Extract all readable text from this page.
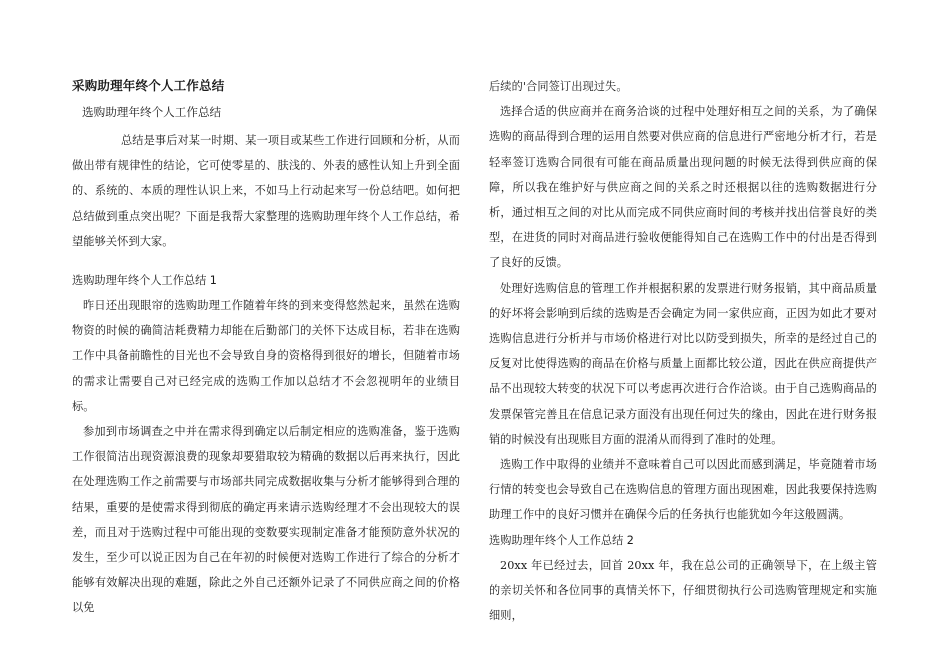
采购助理年终个人工作总结
选购助理年终个人工作总结

总结是事后对某一时期、某一项目或某些工作进行回顾和分析，从而做出带有规律性的结论，它可使零星的、肤浅的、外表的感性认知上升到全面的、系统的、本质的理性认识上来，不如马上行动起来写一份总结吧。如何把总结做到重点突出呢？下面是我帮大家整理的选购助理年终个人工作总结，希望能够关怀到大家。

选购助理年终个人工作总结 1

昨日还出现眼帘的选购助理工作随着年终的到来变得悠然起来，虽然在选购物资的时候的确简洁耗费精力却能在后勤部门的关怀下达成目标，若非在选购工作中具备前瞻性的目光也不会导致自身的资格得到很好的增长，但随着市场的需求让需要自己对已经完成的选购工作加以总结才不会忽视明年的业绩目标。

参加到市场调查之中并在需求得到确定以后制定相应的选购准备，鉴于选购工作很简洁出现资源浪费的现象却要猎取较为精确的数据以后再来执行，因此在处理选购工作之前需要与市场部共同完成数据收集与分析才能够得到合理的结果，重要的是使需求得到彻底的确定再来请示选购经理才不会出现较大的误差，而且对于选购过程中可能出现的变数要实现制定准备才能预防意外状况的发生，至少可以说正因为自己在年初的时候便对选购工作进行了综合的分析才能够有效解决出现的难题，除此之外自己还额外记录了不同供应商之间的价格以免

后续的'合同签订出现过失。

选择合适的供应商并在商务洽谈的过程中处理好相互之间的关系，为了确保选购的商品得到合理的运用自然要对供应商的信息进行严密地分析才行，若是轻率签订选购合同很有可能在商品质量出现问题的时候无法得到供应商的保障，所以我在维护好与供应商之间的关系之时还根据以往的选购数据进行分析，通过相互之间的对比从而完成不同供应商时间的考核并找出信誉良好的类型，在进货的同时对商品进行验收便能得知自己在选购工作中的付出是否得到了良好的反馈。

处理好选购信息的管理工作并根据积累的发票进行财务报销，其中商品质量的好坏将会影响到后续的选购是否会确定为同一家供应商，正因为如此才要对选购信息进行分析并与市场价格进行对比以防受到损失，所幸的是经过自己的反复对比使得选购的商品在价格与质量上面都比较公道，因此在供应商提供产品不出现较大转变的状况下可以考虑再次进行合作洽谈。由于自己选购商品的发票保管完善且在信息记录方面没有出现任何过失的缘由，因此在进行财务报销的时候没有出现账目方面的混淆从而得到了准时的处理。

选购工作中取得的业绩并不意味着自己可以因此而感到满足，毕竟随着市场行情的转变也会导致自己在选购信息的管理方面出现困难，因此我要保持选购助理工作中的良好习惯并在确保今后的任务执行也能犹如今年这般圆满。

选购助理年终个人工作总结 2

20xx 年已经过去，回首 20xx 年，我在总公司的正确领导下，在上级主管的亲切关怀和各位同事的真情关怀下，仔细贯彻执行公司选购管理规定和实施细则，
